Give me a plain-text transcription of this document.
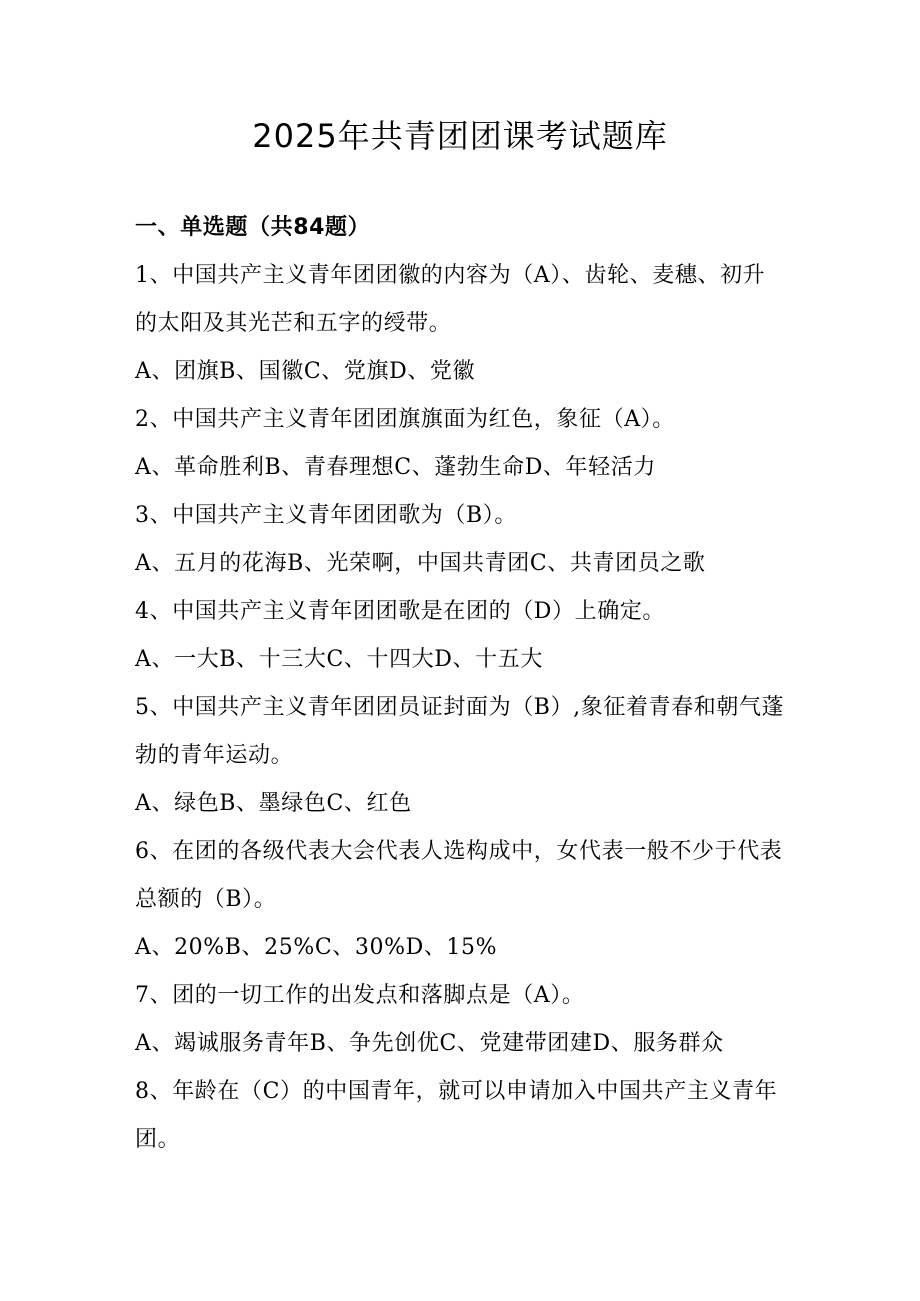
2025年共青团团课考试题库
一、单选题（共84题）

1、中国共产主义青年团团徽的内容为（A）、齿轮、麦穗、初升的太阳及其光芒和五字的绶带。

A、团旗B、国徽C、党旗D、党徽

2、中国共产主义青年团团旗旗面为红色，象征（A）。

A、革命胜利B、青春理想C、蓬勃生命D、年轻活力

3、中国共产主义青年团团歌为（B）。

A、五月的花海B、光荣啊，中国共青团C、共青团员之歌

4、中国共产主义青年团团歌是在团的（D）上确定。

A、一大B、十三大C、十四大D、十五大

5、中国共产主义青年团团员证封面为（B）,象征着青春和朝气蓬勃的青年运动。

A、绿色B、墨绿色C、红色

6、在团的各级代表大会代表人选构成中，女代表一般不少于代表总额的（B）。

A、20%B、25%C、30%D、15%

7、团的一切工作的出发点和落脚点是（A）。

A、竭诚服务青年B、争先创优C、党建带团建D、服务群众

8、年龄在（C）的中国青年，就可以申请加入中国共产主义青年团。
